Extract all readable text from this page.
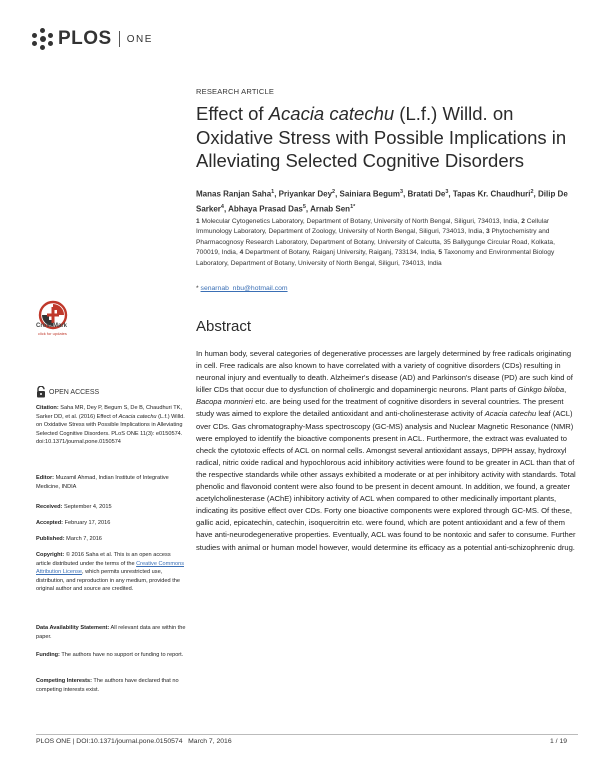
PLOS ONE
RESEARCH ARTICLE
Effect of Acacia catechu (L.f.) Willd. on Oxidative Stress with Possible Implications in Alleviating Selected Cognitive Disorders
Manas Ranjan Saha$^1$, Priyankar Dey$^2$, Sainiara Begum$^3$, Bratati De$^3$, Tapas Kr. Chaudhuri$^2$, Dilip De Sarker$^4$, Abhaya Prasad Das$^5$, Arnab Sen$^{1*}$
1 Molecular Cytogenetics Laboratory, Department of Botany, University of North Bengal, Siliguri, 734013, India, 2 Cellular Immunology Laboratory, Department of Zoology, University of North Bengal, Siliguri, 734013, India, 3 Phytochemistry and Pharmacognosy Research Laboratory, Department of Botany, University of Calcutta, 35 Ballygunge Circular Road, Kolkata, 700019, India, 4 Department of Botany, Raiganj University, Raiganj, 733134, India, 5 Taxonomy and Environmental Biology Laboratory, Department of Botany, University of North Bengal, Siliguri, 734013, India
* senarnab_nbu@hotmail.com
CrossMark
click for updates	Abstract
In human body, several categories of degenerative processes are largely determined by free radicals originating in cell. Free radicals are also known to have correlated with a variety of cognitive disorders (CDs) resulting in neuronal injury and eventually to death. Alzheimer's disease (AD) and Parkinson's disease (PD) are such kind of killer CDs that occur due to dysfunction of cholinergic and dopaminergic neurons. Plant parts of Ginkgo biloba, Bacopa monnieri etc. are being used for the treatment of cognitive disorders in several countries. The present study was aimed to explore the detailed antioxidant and anti-cholinesterase activity of Acacia catechu leaf (ACL) over CDs. Gas chromatography-Mass spectroscopy (GC-MS) analysis and Nuclear Magnetic Resonance (NMR) were employed to identify the bioactive components present in ACL. Furthermore, the extract was evaluated to check the cytotoxic effects of ACL on normal cells. Amongst several antioxidant assays, DPPH assay, hydroxyl radical, nitric oxide radical and hypochlorous acid inhibitory activities were found to be greater in ACL than that of the respective standards while other assays exhibited a moderate or at per inhibitory activity with standards. Total phenolic and flavonoid content were also found to be present in decent amount. In addition, we found, a greater acetylcholinesterase (AChE) inhibitory activity of ACL when compared to other medicinally important plants, indicating its positive effect over CDs. Forty one bioactive components were explored through GC-MS. Of these, gallic acid, epicatechin, catechin, isoquercitrin etc. were found, which are potent antioxidant and a few of them have anti-neurodegenerative properties. Eventually, ACL was found to be nontoxic and safer to consume. Further studies with animal or human model however, would determine its efficacy as a potential anti-schizophrenic drug.
OPEN ACCESS
Citation: Saha MR, Dey P, Begum S, De B, Chaudhuri TK, Sarker DD, et al. (2016) Effect of Acacia catechu (L.f.) Willd. on Oxidative Stress with Possible Implications in Alleviating Selected Cognitive Disorders. PLoS ONE 11(3): e0150574. doi:10.1371/journal.pone.0150574
Editor: Muzamil Ahmad, Indian Institute of Integrative Medicine, INDIA
Received: September 4, 2015
Accepted: February 17, 2016
Published: March 7, 2016
Copyright: © 2016 Saha et al. This is an open access article distributed under the terms of the Creative Commons Attribution License, which permits unrestricted use, distribution, and reproduction in any medium, provided the original author and source are credited.
Data Availability Statement: All relevant data are within the paper.
Funding: The authors have no support or funding to report.
Competing Interests: The authors have declared that no competing interests exist.
PLOS ONE | DOI:10.1371/journal.pone.0150574   March 7, 2016	1 / 19
